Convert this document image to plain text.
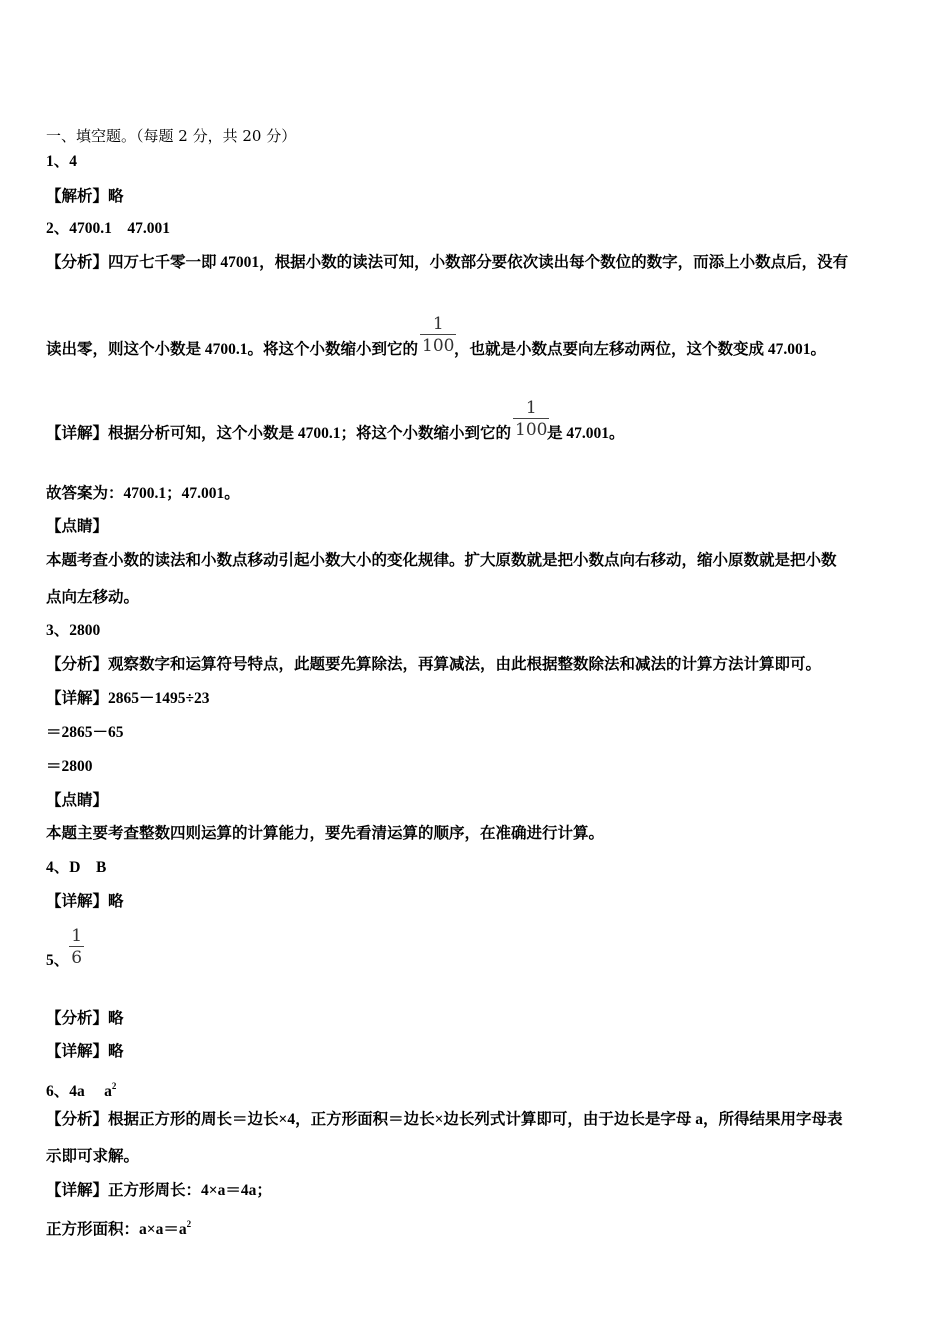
一、填空题。（每题 2 分，共 20 分）
1、4
【解析】略
2、4700.1　47.001
【分析】四万七千零一即 47001，根据小数的读法可知，小数部分要依次读出每个数位的数字，而添上小数点后，没有
读出零，则这个小数是 4700.1。将这个小数缩小到它的
1
100 ，也就是小数点要向左移动两位，这个数变成 47.001。
【详解】根据分析可知，这个小数是 4700.1；将这个小数缩小到它的
1
100 是 47.001。
故答案为：4700.1；47.001。
【点睛】
本题考查小数的读法和小数点移动引起小数大小的变化规律。扩大原数就是把小数点向右移动，缩小原数就是把小数
点向左移动。
3、2800
【分析】观察数字和运算符号特点，此题要先算除法，再算减法，由此根据整数除法和减法的计算方法计算即可。
【详解】2865－1495÷23
＝2865－65
＝2800
【点睛】
本题主要考查整数四则运算的计算能力，要先看清运算的顺序，在准确进行计算。
4、D　B
【详解】略
5、
1
6
【分析】略
【详解】略
6、4a　 $a^2$
【分析】根据正方形的周长＝边长×4，正方形面积＝边长×边长列式计算即可，由于边长是字母 a，所得结果用字母表
示即可求解。
【详解】正方形周长：4×a＝4a；
正方形面积：$a\times a=a^2$
